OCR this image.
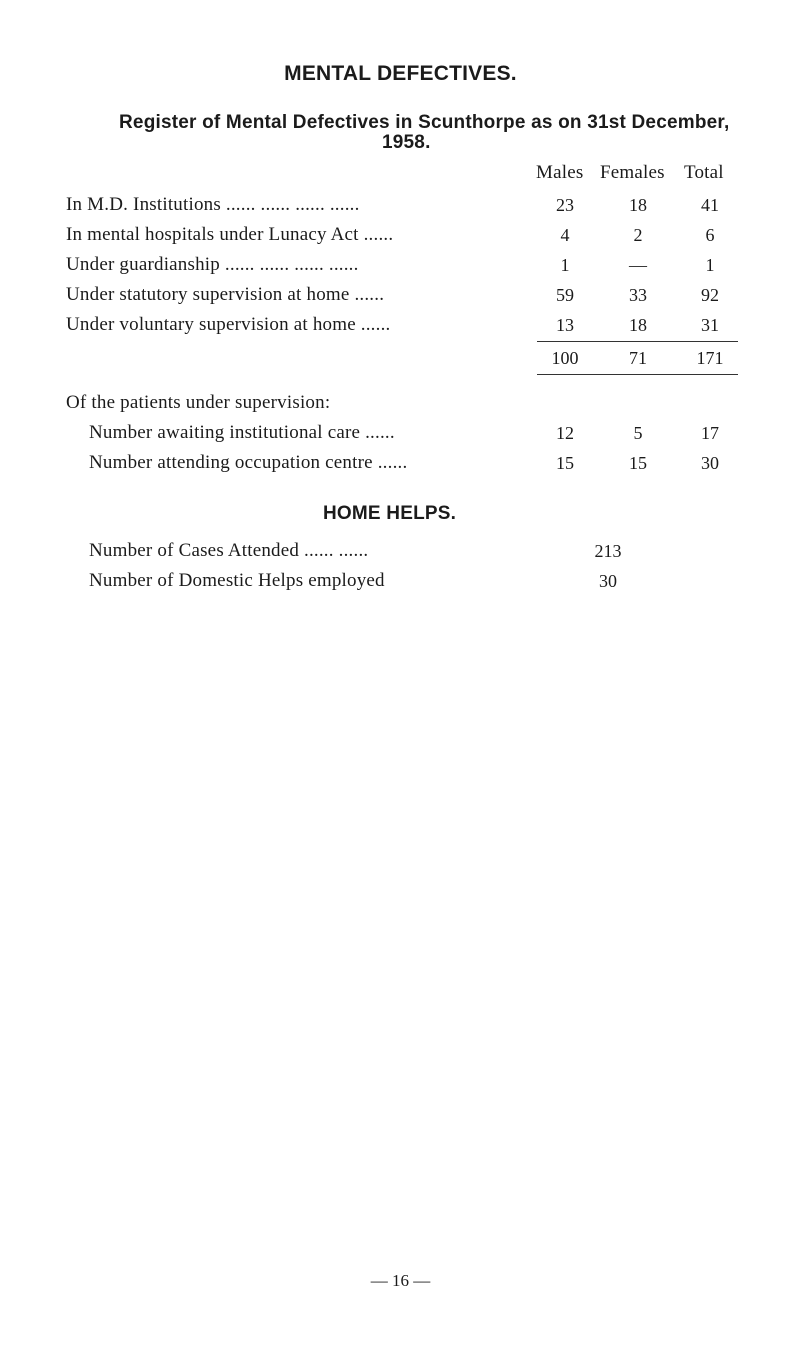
MENTAL DEFECTIVES.
Register of Mental Defectives in Scunthorpe as on 31st December,
1958.
Males Females Total
In M.D. Institutions ...... ...... ...... ......	23	18	41
In mental hospitals under Lunacy Act ......	4	2	6
Under guardianship ...... ...... ...... ......	1	—	1
Under statutory supervision at home ......	59	33	92
Under voluntary supervision at home ......	13	18	31
100	71	171
Of the patients under supervision:
Number awaiting institutional care ......	12	5	17
Number attending occupation centre ......	15	15	30
HOME HELPS.
Number of Cases Attended ...... ......	213
Number of Domestic Helps employed	30
— 16 —
